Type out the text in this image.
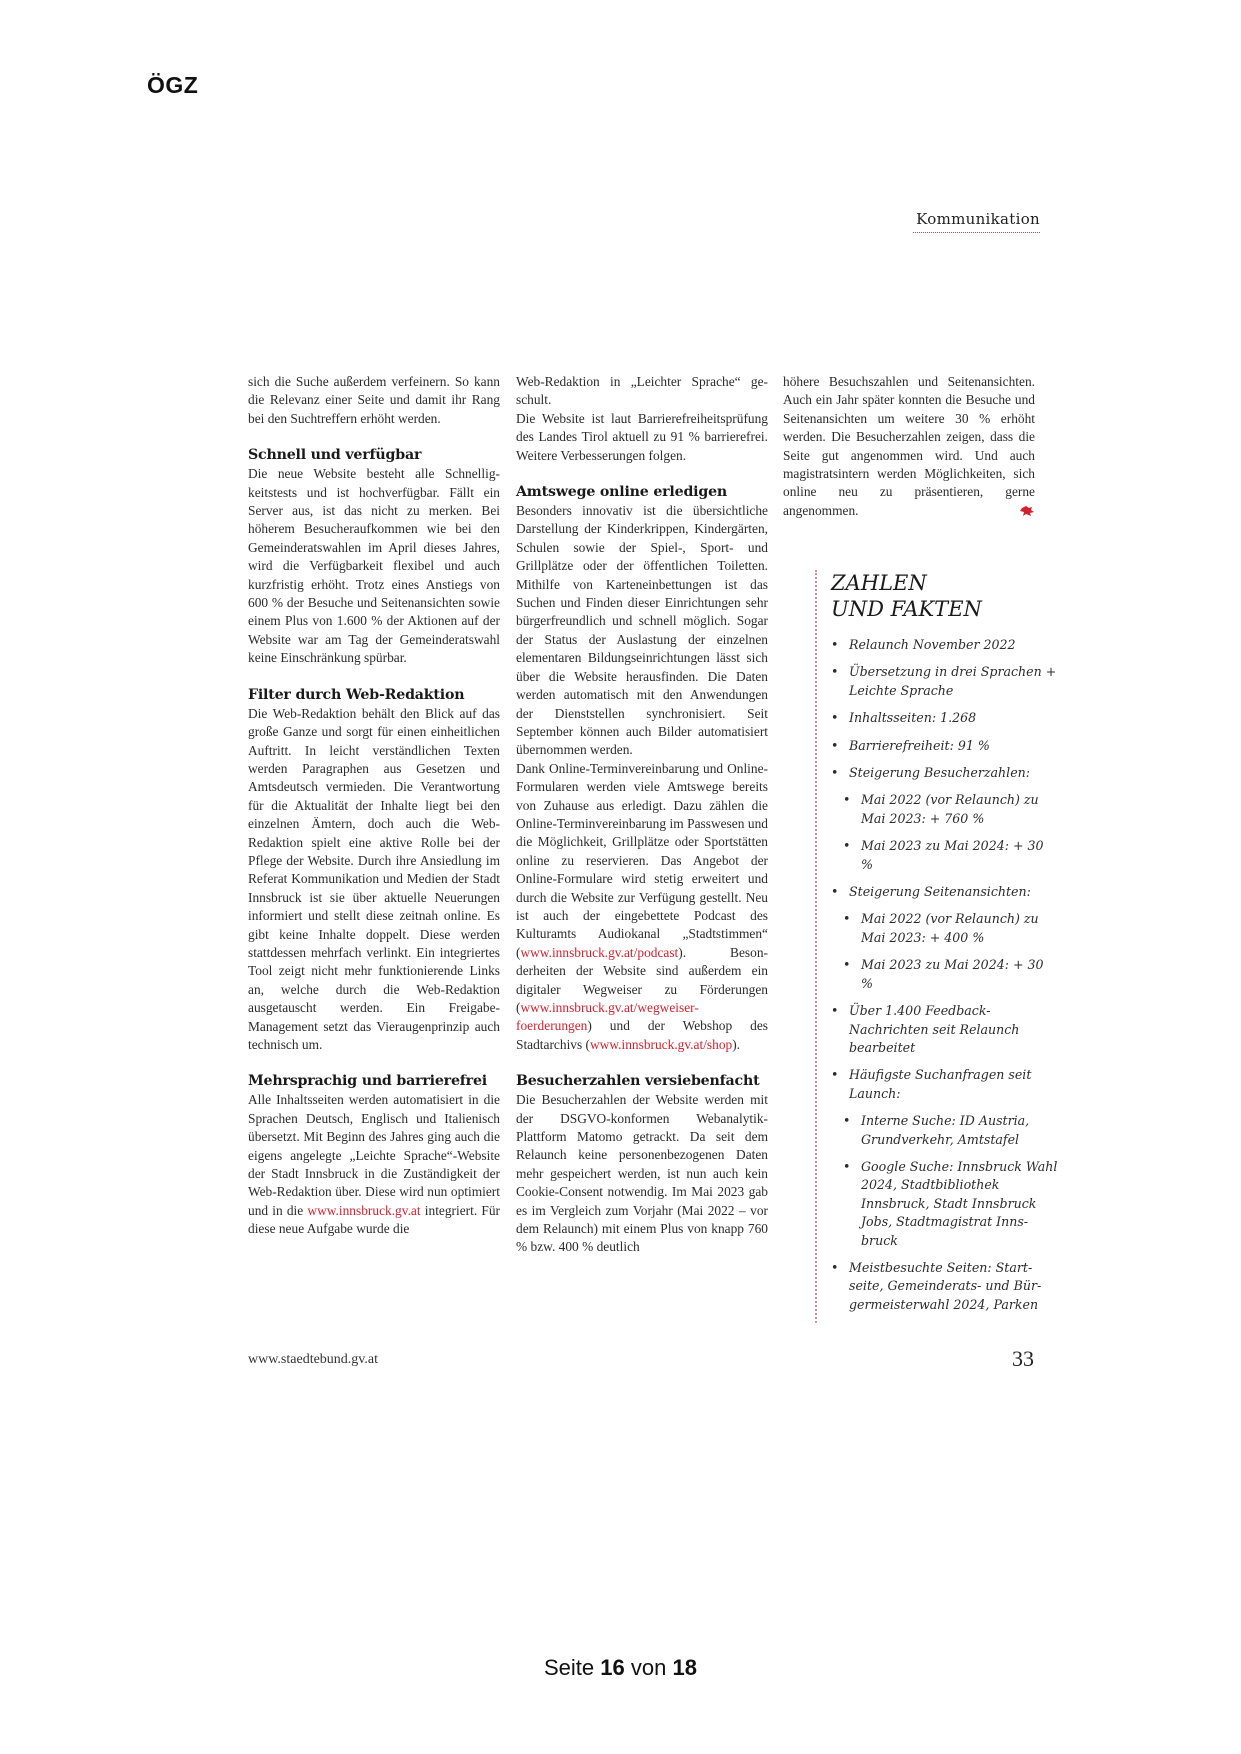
ÖGZ
Kommunikation

sich die Suche außerdem verfeinern. So kann die Relevanz einer Seite und damit ihr Rang bei den Suchtreffern erhöht werden.

Schnell und verfügbar

Die neue Website besteht alle Schnelligkeitstests und ist hochverfügbar. Fällt ein Server aus, ist das nicht zu merken. Bei höherem Besucheraufkommen wie bei den Gemeinderatswahlen im April dieses Jahres, wird die Verfügbarkeit flexibel und auch kurzfristig erhöht. Trotz eines Anstiegs von 600 % der Besuche und Seitenansichten sowie einem Plus von 1.600 % der Aktionen auf der Website war am Tag der Gemeinderatswahl keine Einschränkung spürbar.

Filter durch Web-Redaktion

Die Web-Redaktion behält den Blick auf das große Ganze und sorgt für einen einheitlichen Auftritt. In leicht verständlichen Texten werden Paragraphen aus Gesetzen und Amtsdeutsch vermieden. Die Verantwortung für die Aktualität der Inhalte liegt bei den einzelnen Ämtern, doch auch die Web-Redaktion spielt eine aktive Rolle bei der Pflege der Website. Durch ihre Ansiedlung im Referat Kommunikation und Medien der Stadt Innsbruck ist sie über aktuelle Neuerungen informiert und stellt diese zeitnah online. Es gibt keine Inhalte doppelt. Diese werden stattdessen mehrfach verlinkt. Ein integriertes Tool zeigt nicht mehr funktionierende Links an, welche durch die Web-Redaktion ausgetauscht werden. Ein Freigabe-Management setzt das Vieraugenprinzip auch technisch um.

Mehrsprachig und barrierefrei

Alle Inhaltsseiten werden automatisiert in die Sprachen Deutsch, Englisch und Italienisch übersetzt. Mit Beginn des Jahres ging auch die eigens angelegte „Leichte Sprache“-Website der Stadt Innsbruck in die Zuständigkeit der Web-Redaktion über. Diese wird nun optimiert und in die www.innsbruck.gv.at integriert. Für diese neue Aufgabe wurde die

Web-Redaktion in „Leichter Sprache“ geschult.

Die Website ist laut Barrierefreiheitsprüfung des Landes Tirol aktuell zu 91 % barrierefrei. Weitere Verbesserungen folgen.

Amtswege online erledigen

Besonders innovativ ist die übersichtliche Darstellung der Kinderkrippen, Kindergärten, Schulen sowie der Spiel-, Sport- und Grillplätze oder der öffentlichen Toiletten. Mithilfe von Karteneinbettungen ist das Suchen und Finden dieser Einrichtungen sehr bürgerfreundlich und schnell möglich. Sogar der Status der Auslastung der einzelnen elementaren Bildungseinrichtungen lässt sich über die Website herausfinden. Die Daten werden automatisch mit den Anwendungen der Dienststellen synchronisiert. Seit September können auch Bilder automatisiert übernommen werden.

Dank Online-Terminvereinbarung und Online-Formularen werden viele Amtswege bereits von Zuhause aus erledigt. Dazu zählen die Online-Terminvereinbarung im Passwesen und die Möglichkeit, Grillplätze oder Sportstätten online zu reservieren. Das Angebot der Online-Formulare wird stetig erweitert und durch die Website zur Verfügung gestellt. Neu ist auch der eingebettete Podcast des Kulturamts Audiokanal „Stadtstimmen“ (www.innsbruck.gv.at/podcast). Besonderheiten der Website sind außerdem ein digitaler Wegweiser zu Förderungen (www.innsbruck.gv.at/wegweiser-foerderungen) und der Webshop des Stadtarchivs (www.innsbruck.gv.at/shop).

Besucherzahlen versiebenfacht

Die Besucherzahlen der Website werden mit der DSGVO-konformen Webanalytik-Plattform Matomo getrackt. Da seit dem Relaunch keine personenbezogenen Daten mehr gespeichert werden, ist nun auch kein Cookie-Consent notwendig. Im Mai 2023 gab es im Vergleich zum Vorjahr (Mai 2022 – vor dem Relaunch) mit einem Plus von knapp 760 % bzw. 400 % deutlich

höhere Besuchszahlen und Seitenansichten. Auch ein Jahr später konnten die Besuche und Seitenansichten um weitere 30 % erhöht werden. Die Besucherzahlen zeigen, dass die Seite gut angenommen wird. Und auch magistratsintern werden Möglichkeiten, sich online neu zu präsentieren, gerne angenommen.

ZAHLEN
UND FAKTEN
• Relaunch November 2022
• Übersetzung in drei Sprachen + Leichte Sprache
• Inhaltsseiten: 1.268
• Barrierefreiheit: 91 %
• Steigerung Besucherzahlen:
• Mai 2022 (vor Relaunch) zu Mai 2023: + 760 %
• Mai 2023 zu Mai 2024: + 30 %
• Steigerung Seitenansichten:
• Mai 2022 (vor Relaunch) zu Mai 2023: + 400 %
• Mai 2023 zu Mai 2024: + 30 %
• Über 1.400 Feedback-Nachrichten seit Relaunch bearbeitet
• Häufigste Suchanfragen seit Launch:
• Interne Suche: ID Austria, Grundverkehr, Amtstafel
• Google Suche: Innsbruck Wahl 2024, Stadtbibliothek Innsbruck, Stadt Innsbruck Jobs, Stadtmagistrat Innsbruck
• Meistbesuchte Seiten: Startseite, Gemeinderats- und Bürgermeisterwahl 2024, Parken
www.staedtebund.gv.at	33
Seite 16 von 18
